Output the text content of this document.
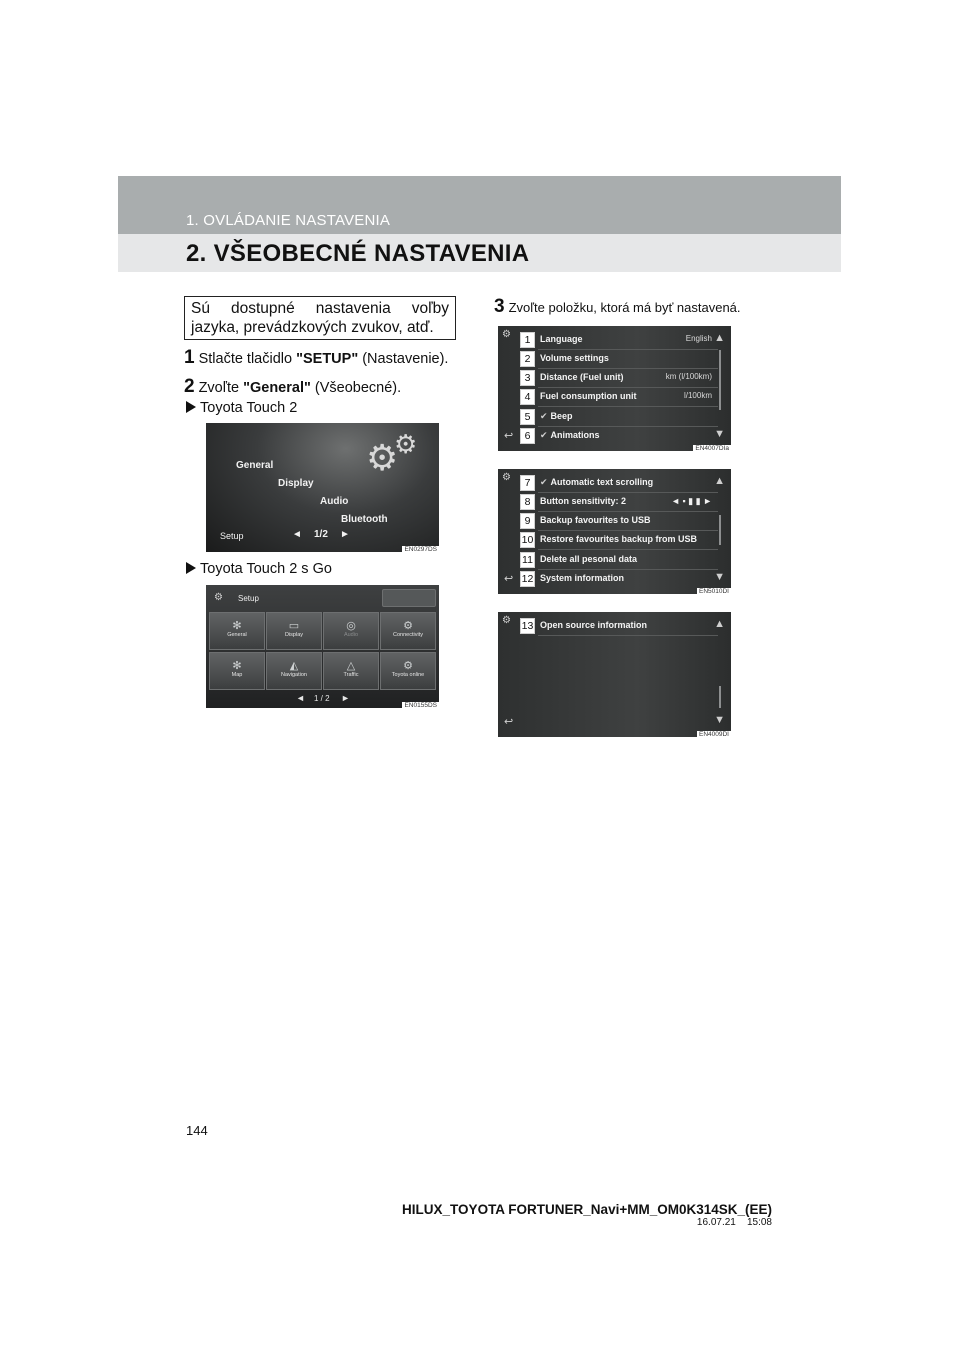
1. OVLÁDANIE NASTAVENIA
2. VŠEOBECNÉ NASTAVENIA
Sú dostupné nastavenia voľby jazyka, prevádzkových zvukov, atď.
1 Stlačte tlačidlo "SETUP" (Nastavenie).
2 Zvoľte "General" (Všeobecné).
Toyota Touch 2
⚙
⚙
General
Display
Audio
Bluetooth
Setup	◄ 1/2 ►
EN0297DS
Toyota Touch 2 s Go
⚙ Setup
✻
General
▭
Display
◎
Audio
⚙
Connectivity
✻
Map
◭
Navigation
△
Traffic
⚙
Toyota online
◄ 1 / 2 ►
EN0155DS
3 Zvoľte položku, ktorá má byť nastavená.
⚙	1	Language	English
2	Volume settings
3	Distance (Fuel unit)	km (l/100km)
4	Fuel consumption unit	l/100km
5	✔ Beep
6	✔ Animations
▲
▼
↩
EN4007DIa
⚙	7	✔ Automatic text scrolling
8	Button sensitivity: 2	◄ ▪ ▮ ▮ ►
9	Backup favourites to USB
10 Restore favourites backup from USB
11 Delete all pesonal data
12 System information
▲
▼
↩
EN5010DI
⚙ 13 Open source information	▲
▼
↩
EN4009DI
144
HILUX_TOYOTA FORTUNER_Navi+MM_OM0K314SK_(EE)
16.07.21    15:08
